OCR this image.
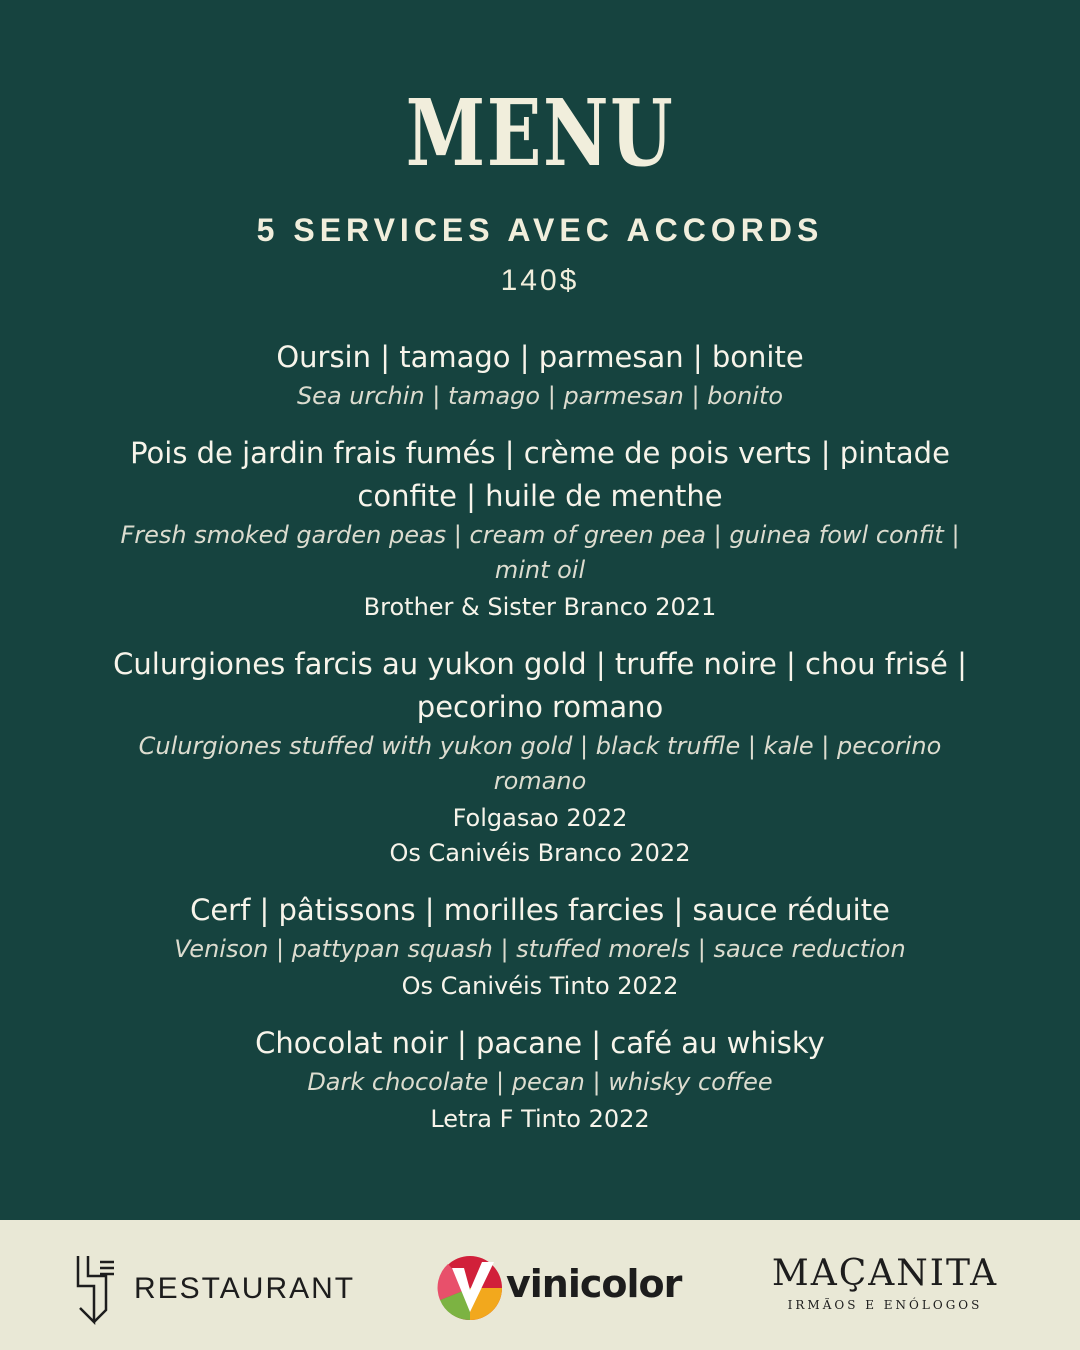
MENU
5 SERVICES AVEC ACCORDS
140$
Oursin | tamago | parmesan | bonite
Sea urchin | tamago | parmesan | bonito
Pois de jardin frais fumés | crème de pois verts | pintade confite | huile de menthe
Fresh smoked garden peas | cream of green pea | guinea fowl confit | mint oil
Brother & Sister Branco 2021
Culurgiones farcis au yukon gold | truffe noire | chou frisé | pecorino romano
Culurgiones stuffed with yukon gold | black truffle | kale | pecorino romano
Folgasao 2022
Os Canivéis Branco 2022
Cerf | pâtissons | morilles farcies | sauce réduite
Venison | pattypan squash | stuffed morels | sauce reduction
Os Canivéis Tinto 2022
Chocolat noir | pacane | café au whisky
Dark chocolate | pecan | whisky coffee
Letra F Tinto 2022
RESTAURANT	vinicolor	MAÇANITA
IRMÃOS E ENÓLOGOS
